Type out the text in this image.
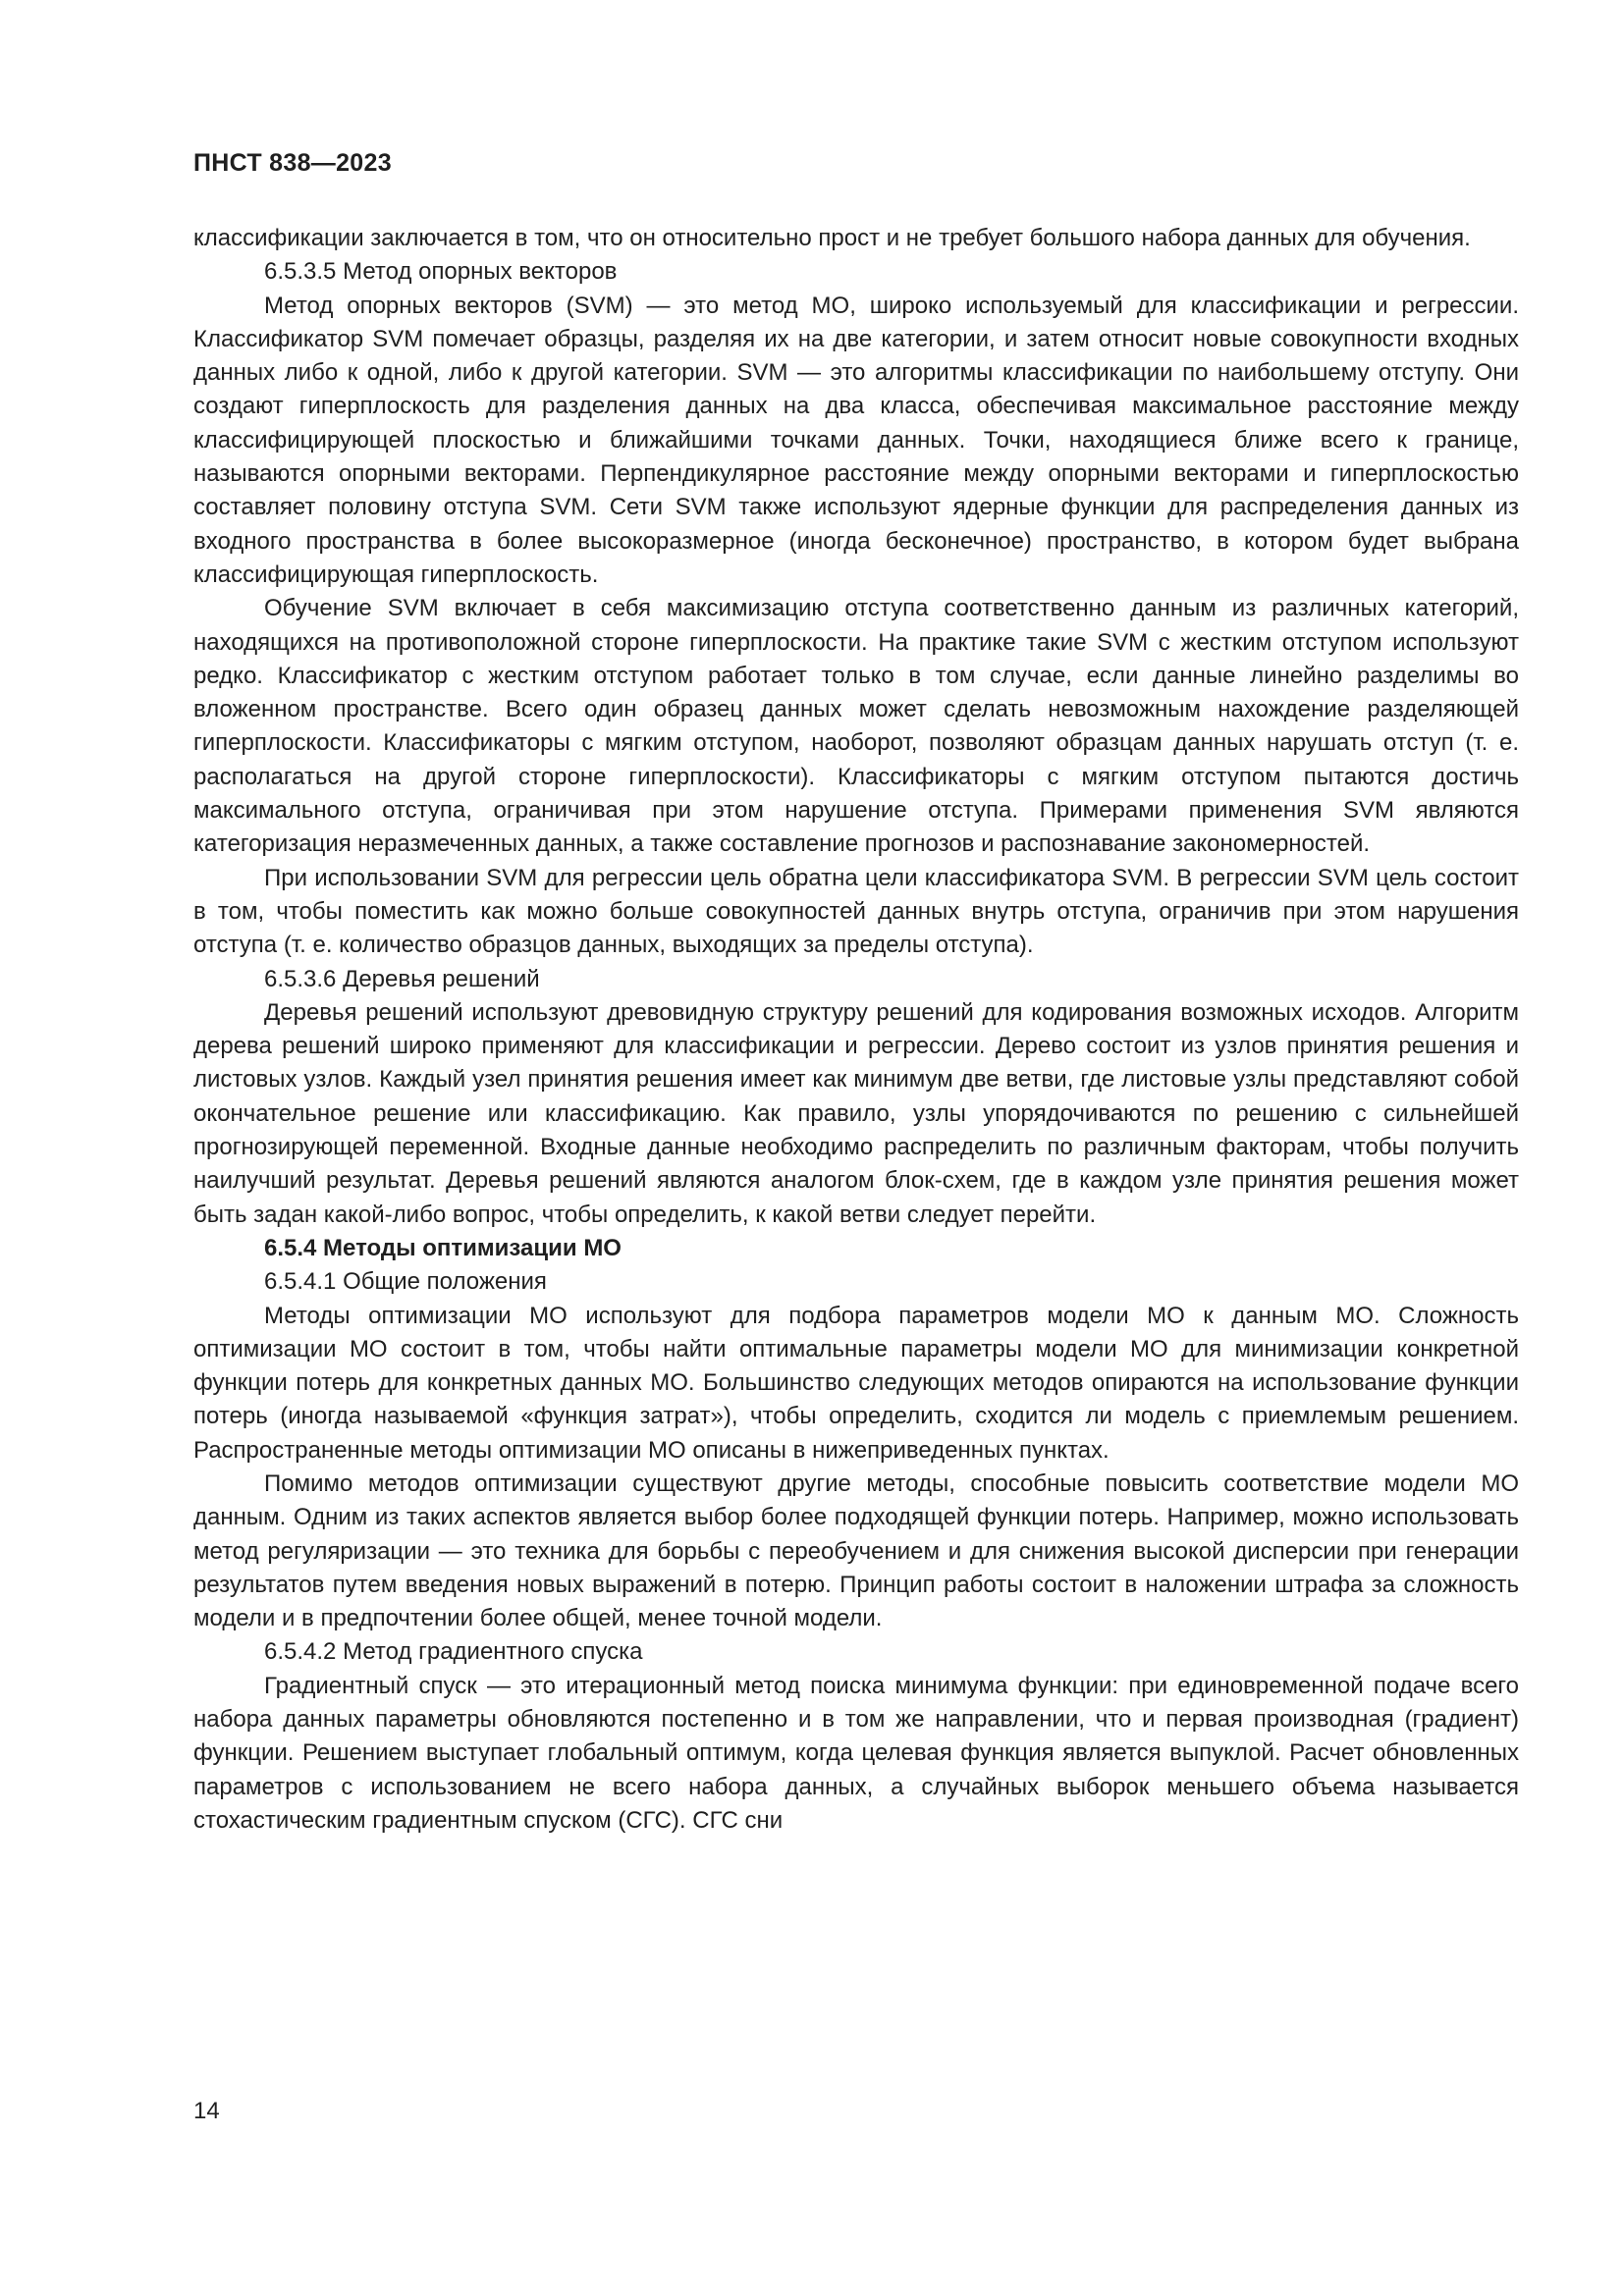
ПНСТ 838—2023

классификации заключается в том, что он относительно прост и не требует большого набора данных для обучения.

6.5.3.5 Метод опорных векторов

Метод опорных векторов (SVM) — это метод МО, широко используемый для классификации и регрессии. Классификатор SVM помечает образцы, разделяя их на две категории, и затем относит новые совокупности входных данных либо к одной, либо к другой категории. SVM — это алгоритмы классификации по наибольшему отступу. Они создают гиперплоскость для разделения данных на два класса, обеспечивая максимальное расстояние между классифицирующей плоскостью и ближайшими точками данных. Точки, находящиеся ближе всего к границе, называются опорными векторами. Перпендикулярное расстояние между опорными векторами и гиперплоскостью составляет половину отступа SVM. Сети SVM также используют ядерные функции для распределения данных из входного пространства в более высокоразмерное (иногда бесконечное) пространство, в котором будет выбрана классифицирующая гиперплоскость.

Обучение SVM включает в себя максимизацию отступа соответственно данным из различных категорий, находящихся на противоположной стороне гиперплоскости. На практике такие SVM с жестким отступом используют редко. Классификатор с жестким отступом работает только в том случае, если данные линейно разделимы во вложенном пространстве. Всего один образец данных может сделать невозможным нахождение разделяющей гиперплоскости. Классификаторы с мягким отступом, наоборот, позволяют образцам данных нарушать отступ (т. е. располагаться на другой стороне гиперплоскости). Классификаторы с мягким отступом пытаются достичь максимального отступа, ограничивая при этом нарушение отступа. Примерами применения SVM являются категоризация неразмеченных данных, а также составление прогнозов и распознавание закономерностей.

При использовании SVM для регрессии цель обратна цели классификатора SVM. В регрессии SVM цель состоит в том, чтобы поместить как можно больше совокупностей данных внутрь отступа, ограничив при этом нарушения отступа (т. е. количество образцов данных, выходящих за пределы отступа).

6.5.3.6 Деревья решений

Деревья решений используют древовидную структуру решений для кодирования возможных исходов. Алгоритм дерева решений широко применяют для классификации и регрессии. Дерево состоит из узлов принятия решения и листовых узлов. Каждый узел принятия решения имеет как минимум две ветви, где листовые узлы представляют собой окончательное решение или классификацию. Как правило, узлы упорядочиваются по решению с сильнейшей прогнозирующей переменной. Входные данные необходимо распределить по различным факторам, чтобы получить наилучший результат. Деревья решений являются аналогом блок-схем, где в каждом узле принятия решения может быть задан какой-либо вопрос, чтобы определить, к какой ветви следует перейти.

6.5.4 Методы оптимизации МО

6.5.4.1 Общие положения

Методы оптимизации МО используют для подбора параметров модели МО к данным МО. Сложность оптимизации МО состоит в том, чтобы найти оптимальные параметры модели МО для минимизации конкретной функции потерь для конкретных данных МО. Большинство следующих методов опираются на использование функции потерь (иногда называемой «функция затрат»), чтобы определить, сходится ли модель с приемлемым решением. Распространенные методы оптимизации МО описаны в нижеприведенных пунктах.

Помимо методов оптимизации существуют другие методы, способные повысить соответствие модели МО данным. Одним из таких аспектов является выбор более подходящей функции потерь. Например, можно использовать метод регуляризации — это техника для борьбы с переобучением и для снижения высокой дисперсии при генерации результатов путем введения новых выражений в потерю. Принцип работы состоит в наложении штрафа за сложность модели и в предпочтении более общей, менее точной модели.

6.5.4.2 Метод градиентного спуска

Градиентный спуск — это итерационный метод поиска минимума функции: при единовременной подаче всего набора данных параметры обновляются постепенно и в том же направлении, что и первая производная (градиент) функции. Решением выступает глобальный оптимум, когда целевая функция является выпуклой. Расчет обновленных параметров с использованием не всего набора данных, а случайных выборок меньшего объема называется стохастическим градиентным спуском (СГС). СГС сни

14
